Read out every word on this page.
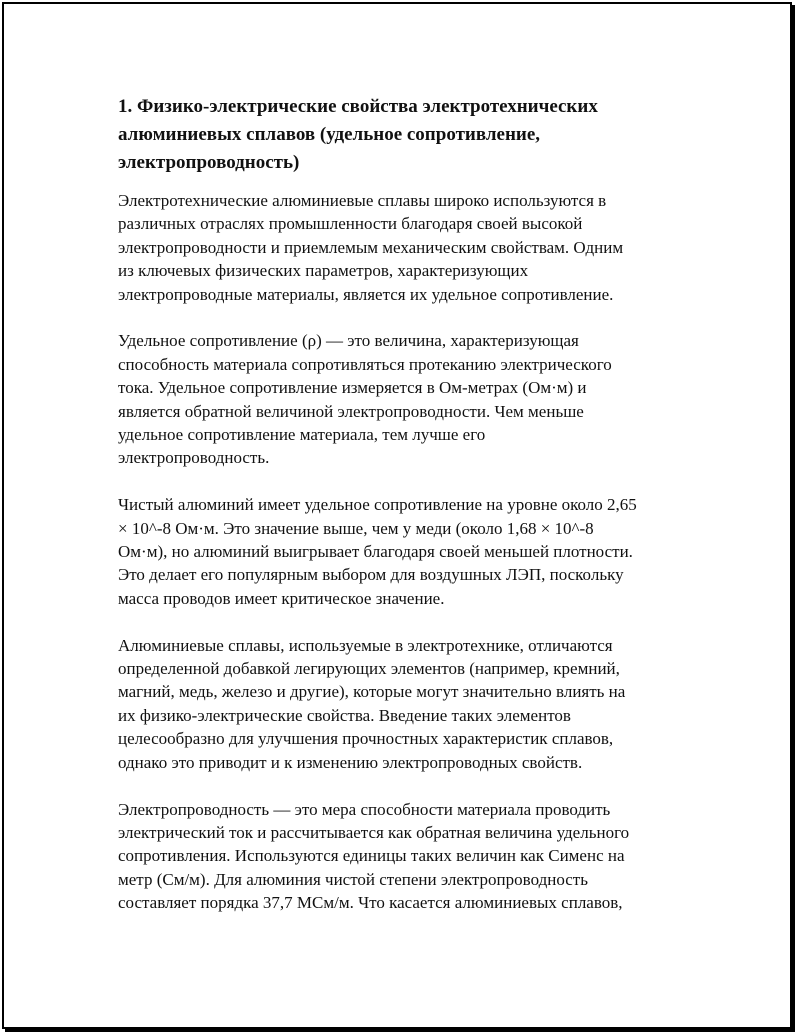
1. Физико-электрические свойства электротехнических
алюминиевых сплавов (удельное сопротивление,
электропроводность)

Электротехнические алюминиевые сплавы широко используются в
различных отраслях промышленности благодаря своей высокой
электропроводности и приемлемым механическим свойствам. Одним
из ключевых физических параметров, характеризующих
электропроводные материалы, является их удельное сопротивление.

Удельное сопротивление (ρ) — это величина, характеризующая
способность материала сопротивляться протеканию электрического
тока. Удельное сопротивление измеряется в Ом-метрах (Ом·м) и
является обратной величиной электропроводности. Чем меньше
удельное сопротивление материала, тем лучше его
электропроводность.

Чистый алюминий имеет удельное сопротивление на уровне около 2,65
× 10^-8 Ом·м. Это значение выше, чем у меди (около 1,68 × 10^-8
Ом·м), но алюминий выигрывает благодаря своей меньшей плотности.
Это делает его популярным выбором для воздушных ЛЭП, поскольку
масса проводов имеет критическое значение.

Алюминиевые сплавы, используемые в электротехнике, отличаются
определенной добавкой легирующих элементов (например, кремний,
магний, медь, железо и другие), которые могут значительно влиять на
их физико-электрические свойства. Введение таких элементов
целесообразно для улучшения прочностных характеристик сплавов,
однако это приводит и к изменению электропроводных свойств.

Электропроводность — это мера способности материала проводить
электрический ток и рассчитывается как обратная величина удельного
сопротивления. Используются единицы таких величин как Сименс на
метр (См/м). Для алюминия чистой степени электропроводность
составляет порядка 37,7 МСм/м. Что касается алюминиевых сплавов,
